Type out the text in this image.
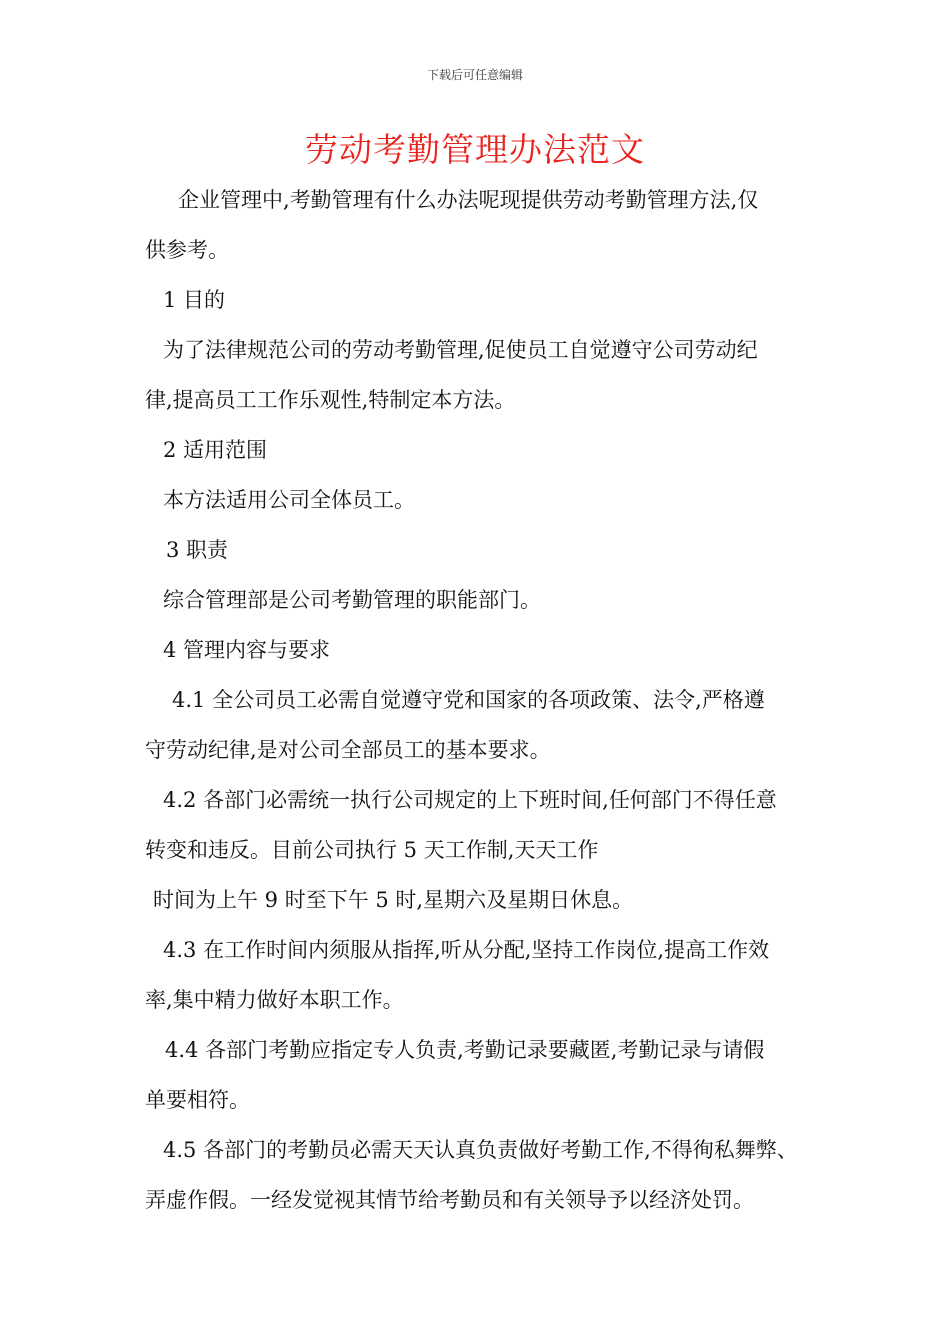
下载后可任意编辑
劳动考勤管理办法范文
企业管理中,考勤管理有什么办法呢现提供劳动考勤管理方法,仅
供参考。
1 目的
为了法律规范公司的劳动考勤管理,促使员工自觉遵守公司劳动纪
律,提高员工工作乐观性,特制定本方法。
2 适用范围
本方法适用公司全体员工。
3 职责
综合管理部是公司考勤管理的职能部门。
4 管理内容与要求
4.1 全公司员工必需自觉遵守党和国家的各项政策、法令,严格遵
守劳动纪律,是对公司全部员工的基本要求。
4.2 各部门必需统一执行公司规定的上下班时间,任何部门不得任意
转变和违反。目前公司执行 5 天工作制,天天工作
时间为上午 9 时至下午 5 时,星期六及星期日休息。
4.3 在工作时间内须服从指挥,听从分配,坚持工作岗位,提高工作效
率,集中精力做好本职工作。
4.4 各部门考勤应指定专人负责,考勤记录要藏匿,考勤记录与请假
单要相符。
4.5 各部门的考勤员必需天天认真负责做好考勤工作,不得徇私舞弊、
弄虚作假。一经发觉视其情节给考勤员和有关领导予以经济处罚。
